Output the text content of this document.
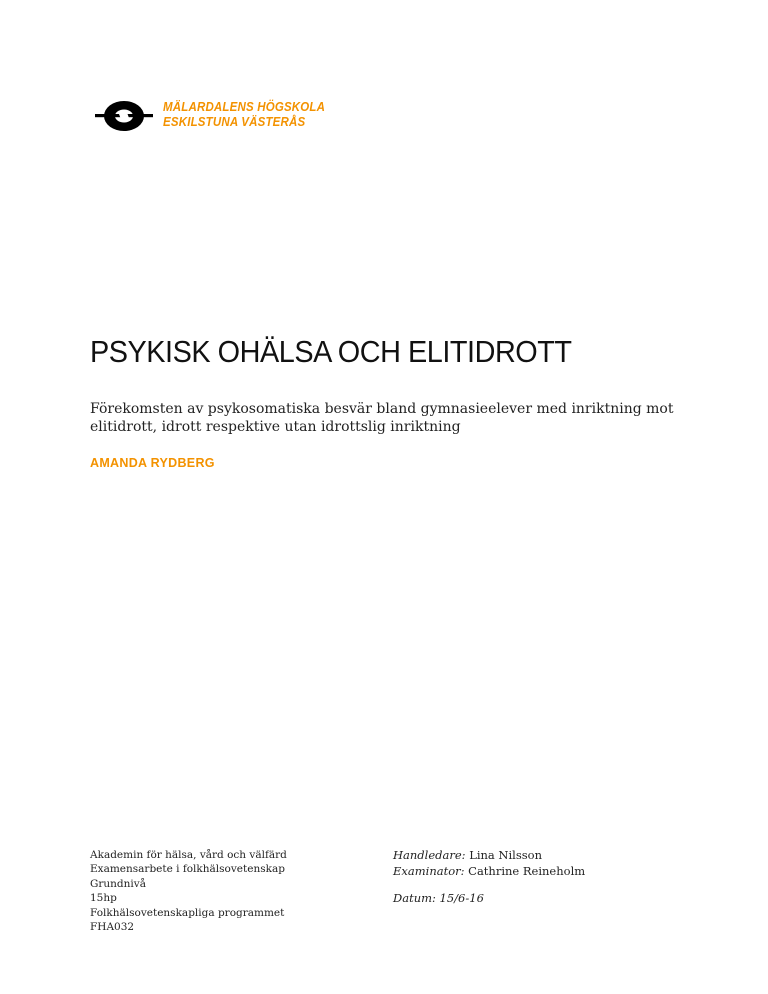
MÄLARDALENS HÖGSKOLA
ESKILSTUNA VÄSTERÅS
PSYKISK OHÄLSA OCH ELITIDROTT
Förekomsten av psykosomatiska besvär bland gymnasieelever med inriktning mot elitidrott, idrott respektive utan idrottslig inriktning
AMANDA RYDBERG
Akademin för hälsa, vård och välfärd
Examensarbete i folkhälsovetenskap
Grundnivå
15hp
Folkhälsovetenskapliga programmet
FHA032
Handledare: Lina Nilsson
Examinator: Cathrine Reineholm
Datum: 15/6-16
